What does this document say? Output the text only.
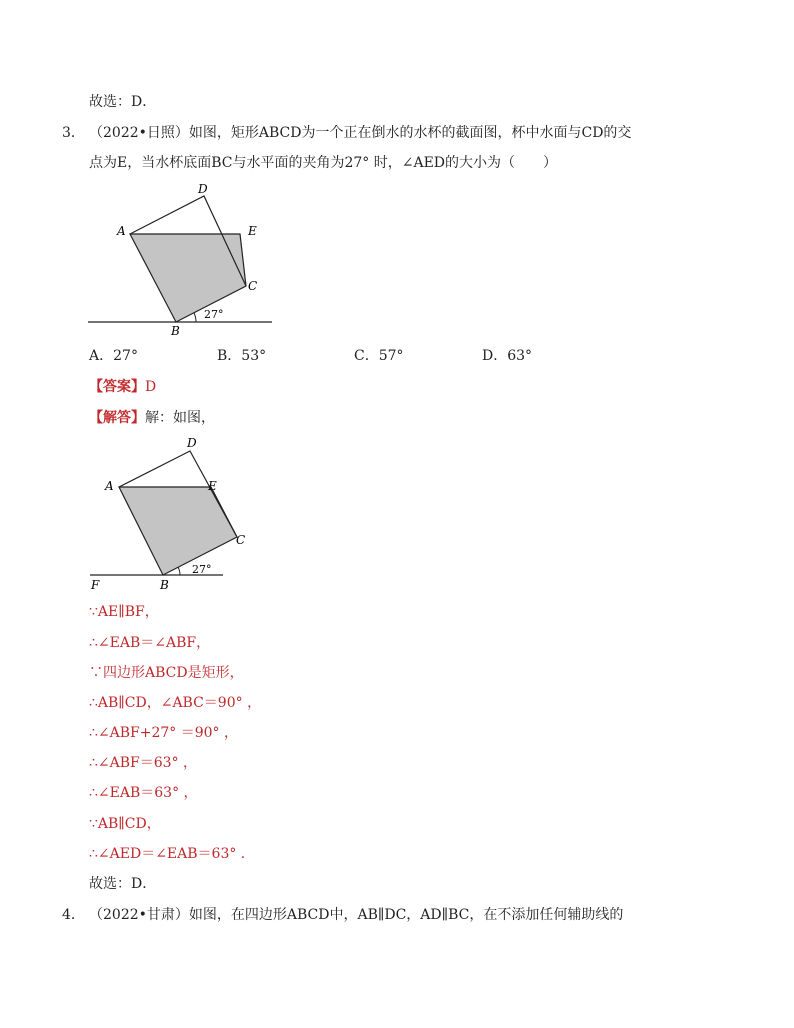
故选：D．
3． （2022•日照）如图，矩形ABCD为一个正在倒水的水杯的截面图，杯中水面与CD的交
点为E，当水杯底面BC与水平面的夹角为27° 时，∠AED的大小为（　　）
D
A	E
C
B
27°
A．27°	B．53°	C．57°	D．63°
【答案】D
【解答】解：如图，
D
A	E
C
B
F
27°
∵AE∥BF，
∴∠EAB＝∠ABF，
∵四边形ABCD是矩形，
∴AB∥CD，∠ABC＝90° ，
∴∠ABF+27° ＝90° ，
∴∠ABF＝63° ，
∴∠EAB＝63° ，
∵AB∥CD，
∴∠AED＝∠EAB＝63° ．
故选：D．
4． （2022•甘肃）如图，在四边形ABCD中，AB∥DC，AD∥BC，在不添加任何辅助线的
